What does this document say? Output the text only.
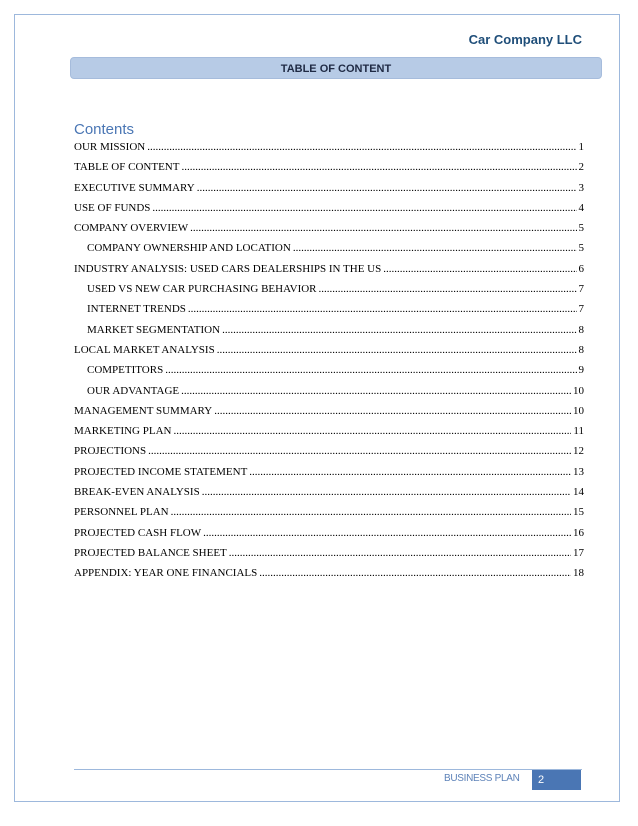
Car Company LLC
TABLE OF CONTENT
Contents
OUR MISSION .....	1
TABLE OF CONTENT .....	2
EXECUTIVE SUMMARY .....	3
USE OF FUNDS .....	4
COMPANY OVERVIEW .....	5
COMPANY OWNERSHIP AND LOCATION .....	5
INDUSTRY ANALYSIS: USED CARS DEALERSHIPS IN THE US .....	6
USED VS NEW CAR PURCHASING BEHAVIOR .....	7
INTERNET TRENDS .....	7
MARKET SEGMENTATION .....	8
LOCAL MARKET ANALYSIS .....	8
COMPETITORS .....	9
OUR ADVANTAGE .....	10
MANAGEMENT SUMMARY .....	10
MARKETING PLAN .....	11
PROJECTIONS .....	12
PROJECTED INCOME STATEMENT .....	13
BREAK-EVEN ANALYSIS .....	14
PERSONNEL PLAN .....	15
PROJECTED CASH FLOW .....	16
PROJECTED BALANCE SHEET .....	17
APPENDIX: YEAR ONE FINANCIALS .....	18
BUSINESS PLAN	2
